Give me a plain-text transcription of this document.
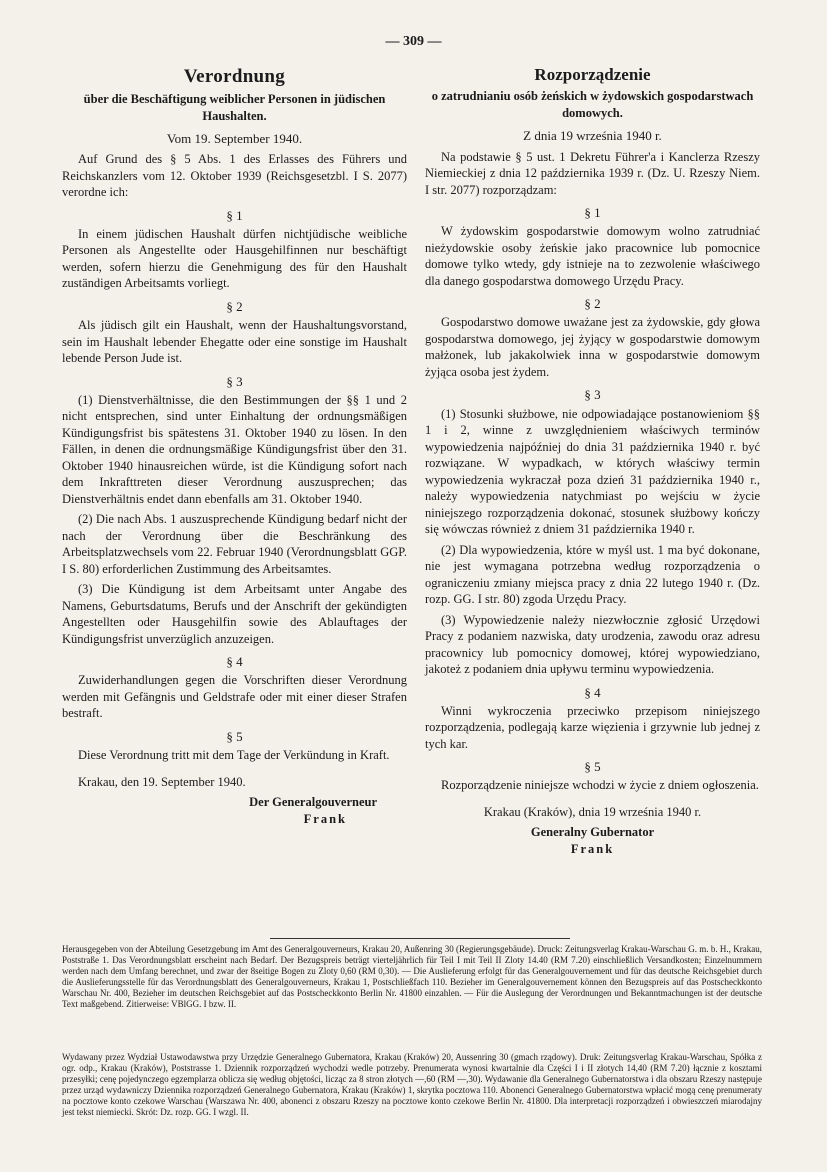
— 309 —
Verordnung

über die Beschäftigung weiblicher Personen in jüdischen Haushalten.

Vom 19. September 1940.

Auf Grund des § 5 Abs. 1 des Erlasses des Führers und Reichskanzlers vom 12. Oktober 1939 (Reichsgesetzbl. I S. 2077) verordne ich:

§ 1

In einem jüdischen Haushalt dürfen nichtjüdische weibliche Personen als Angestellte oder Hausgehilfinnen nur beschäftigt werden, sofern hierzu die Genehmigung des für den Haushalt zuständigen Arbeitsamts vorliegt.

§ 2

Als jüdisch gilt ein Haushalt, wenn der Haushaltungsvorstand, sein im Haushalt lebender Ehegatte oder eine sonstige im Haushalt lebende Person Jude ist.

§ 3

(1) Dienstverhältnisse, die den Bestimmungen der §§ 1 und 2 nicht entsprechen, sind unter Einhaltung der ordnungsmäßigen Kündigungsfrist bis spätestens 31. Oktober 1940 zu lösen. In den Fällen, in denen die ordnungsmäßige Kündigungsfrist über den 31. Oktober 1940 hinausreichen würde, ist die Kündigung sofort nach dem Inkrafttreten dieser Verordnung auszusprechen; das Dienstverhältnis endet dann ebenfalls am 31. Oktober 1940.

(2) Die nach Abs. 1 auszusprechende Kündigung bedarf nicht der nach der Verordnung über die Beschränkung des Arbeitsplatzwechsels vom 22. Februar 1940 (Verordnungsblatt GGP. I S. 80) erforderlichen Zustimmung des Arbeitsamtes.

(3) Die Kündigung ist dem Arbeitsamt unter Angabe des Namens, Geburtsdatums, Berufs und der Anschrift der gekündigten Angestellten oder Hausgehilfin sowie des Ablauftages der Kündigungsfrist unverzüglich anzuzeigen.

§ 4

Zuwiderhandlungen gegen die Vorschriften dieser Verordnung werden mit Gefängnis und Geldstrafe oder mit einer dieser Strafen bestraft.

§ 5

Diese Verordnung tritt mit dem Tage der Verkündung in Kraft.

Krakau, den 19. September 1940.

Der Generalgouverneur

Frank

Rozporządzenie

o zatrudnianiu osób żeńskich w żydowskich gospodarstwach domowych.

Z dnia 19 września 1940 r.

Na podstawie § 5 ust. 1 Dekretu Führer'a i Kanclerza Rzeszy Niemieckiej z dnia 12 października 1939 r. (Dz. U. Rzeszy Niem. I str. 2077) rozporządzam:

§ 1

W żydowskim gospodarstwie domowym wolno zatrudniać nieżydowskie osoby żeńskie jako pracownice lub pomocnice domowe tylko wtedy, gdy istnieje na to zezwolenie właściwego dla danego gospodarstwa domowego Urzędu Pracy.

§ 2

Gospodarstwo domowe uważane jest za żydowskie, gdy głowa gospodarstwa domowego, jej żyjący w gospodarstwie domowym małżonek, lub jakakolwiek inna w gospodarstwie domowym żyjąca osoba jest żydem.

§ 3

(1) Stosunki służbowe, nie odpowiadające postanowieniom §§ 1 i 2, winne z uwzględnieniem właściwych terminów wypowiedzenia najpóźniej do dnia 31 października 1940 r. być rozwiązane. W wypadkach, w których właściwy termin wypowiedzenia wykraczał poza dzień 31 października 1940 r., należy wypowiedzenia natychmiast po wejściu w życie niniejszego rozporządzenia dokonać, stosunek służbowy kończy się wówczas również z dniem 31 października 1940 r.

(2) Dla wypowiedzenia, które w myśl ust. 1 ma być dokonane, nie jest wymagana potrzebna według rozporządzenia o ograniczeniu zmiany miejsca pracy z dnia 22 lutego 1940 r. (Dz. rozp. GG. I str. 80) zgoda Urzędu Pracy.

(3) Wypowiedzenie należy niezwłocznie zgłosić Urzędowi Pracy z podaniem nazwiska, daty urodzenia, zawodu oraz adresu pracownicy lub pomocnicy domowej, której wypowiedziano, jakoteż z podaniem dnia upływu terminu wypowiedzenia.

§ 4

Winni wykroczenia przeciwko przepisom niniejszego rozporządzenia, podlegają karze więzienia i grzywnie lub jednej z tych kar.

§ 5

Rozporządzenie niniejsze wchodzi w życie z dniem ogłoszenia.

Krakau (Kraków), dnia 19 września 1940 r.

Generalny Gubernator

Frank

Herausgegeben von der Abteilung Gesetzgebung im Amt des Generalgouverneurs, Krakau 20, Außenring 30 (Regierungsgebäude). Druck: Zeitungsverlag Krakau-Warschau G. m. b. H., Krakau, Poststraße 1. Das Verordnungsblatt erscheint nach Bedarf. Der Bezugspreis beträgt vierteljährlich für Teil I mit Teil II Zloty 14.40 (RM 7.20) einschließlich Versandkosten; Einzelnummern werden nach dem Umfang berechnet, und zwar der 8seitige Bogen zu Zloty 0,60 (RM 0,30). — Die Auslieferung erfolgt für das Generalgouvernement und für das deutsche Reichsgebiet durch die Auslieferungsstelle für das Verordnungsblatt des Generalgouverneurs, Krakau 1, Postschließfach 110. Bezieher im Generalgouvernement können den Bezugspreis auf das Postscheckkonto Warschau Nr. 400, Bezieher im deutschen Reichsgebiet auf das Postscheckkonto Berlin Nr. 41800 einzahlen. — Für die Auslegung der Verordnungen und Bekanntmachungen ist der deutsche Text maßgebend. Zitierweise: VBlGG. I bzw. II.
Wydawany przez Wydział Ustawodawstwa przy Urzędzie Generalnego Gubernatora, Krakau (Kraków) 20, Aussenring 30 (gmach rządowy). Druk: Zeitungsverlag Krakau-Warschau, Spółka z ogr. odp., Krakau (Kraków), Poststrasse 1. Dziennik rozporządzeń wychodzi wedle potrzeby. Prenumerata wynosi kwartalnie dla Części I i II złotych 14,40 (RM 7.20) łącznie z kosztami przesyłki; cenę pojedynczego egzemplarza oblicza się według objętości, licząc za 8 stron złotych —,60 (RM —,30). Wydawanie dla Generalnego Gubernatorstwa i dla obszaru Rzeszy następuje przez urząd wydawniczy Dziennika rozporządzeń Generalnego Gubernatora, Krakau (Kraków) 1, skrytka pocztowa 110. Abonenci Generalnego Gubernatorstwa wpłacić mogą cenę prenumeraty na pocztowe konto czekowe Warschau (Warszawa Nr. 400, abonenci z obszaru Rzeszy na pocztowe konto czekowe Berlin Nr. 41800. Dla interpretacji rozporządzeń i obwieszczeń miarodajny jest tekst niemiecki. Skrót: Dz. rozp. GG. I wzgl. II.
